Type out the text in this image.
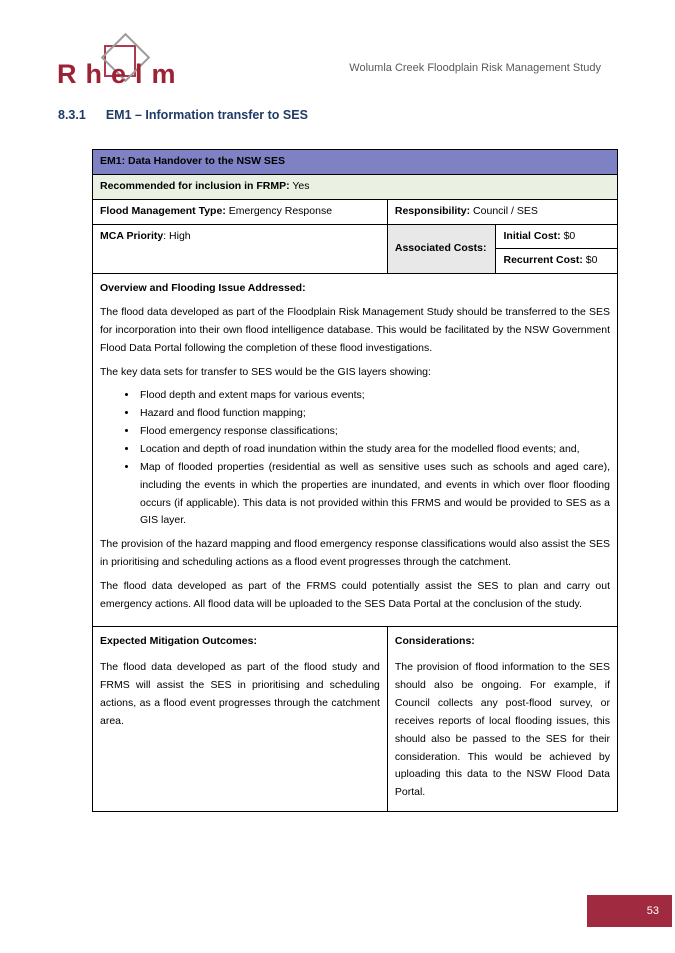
Rhelm	Wolumla Creek Floodplain Risk Management Study
8.3.1 EM1 – Information transfer to SES
EM1: Data Handover to the NSW SES
Recommended for inclusion in FRMP: Yes
Flood Management Type: Emergency Response	Responsibility: Council / SES
MCA Priority: High
Associated Costs:
Initial Cost: $0
Recurrent Cost: $0

Overview and Flooding Issue Addressed:

The flood data developed as part of the Floodplain Risk Management Study should be transferred to the SES for incorporation into their own flood intelligence database. This would be facilitated by the NSW Government Flood Data Portal following the completion of these flood investigations.

The key data sets for transfer to SES would be the GIS layers showing:

• Flood depth and extent maps for various events;
• Hazard and flood function mapping;
• Flood emergency response classifications;
• Location and depth of road inundation within the study area for the modelled flood events; and,
• Map of flooded properties (residential as well as sensitive uses such as schools and aged care), including the events in which the properties are inundated, and events in which over floor flooding occurs (if applicable). This data is not provided within this FRMS and would be provided to SES as a GIS layer.

The provision of the hazard mapping and flood emergency response classifications would also assist the SES in prioritising and scheduling actions as a flood event progresses through the catchment.

The flood data developed as part of the FRMS could potentially assist the SES to plan and carry out emergency actions. All flood data will be uploaded to the SES Data Portal at the conclusion of the study.

Expected Mitigation Outcomes:

The flood data developed as part of the flood study and FRMS will assist the SES in prioritising and scheduling actions, as a flood event progresses through the catchment area.

Considerations:

The provision of flood information to the SES should also be ongoing. For example, if Council collects any post-flood survey, or receives reports of local flooding issues, this should also be passed to the SES for their consideration. This would be achieved by uploading this data to the NSW Flood Data Portal.

53
